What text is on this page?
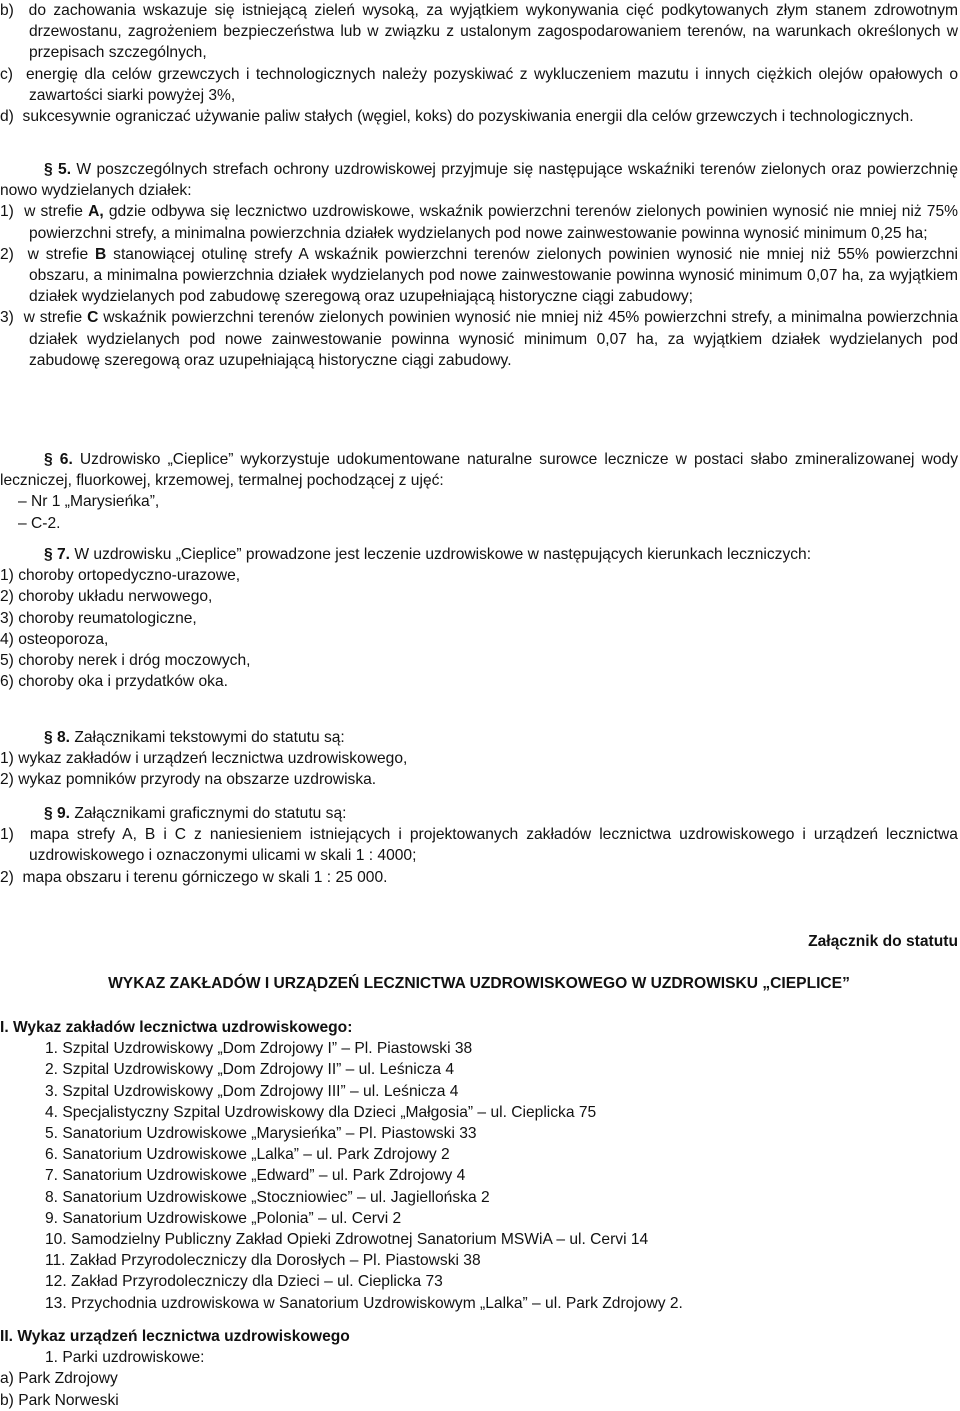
b) do zachowania wskazuje się istniejącą zieleń wysoką, za wyjątkiem wykonywania cięć podkytowanych złym stanem zdrowotnym drzewostanu, zagrożeniem bezpieczeństwa lub w związku z ustalonym zagospodarowaniem terenów, na warunkach określonych w przepisach szczególnych,

c) energię dla celów grzewczych i technologicznych należy pozyskiwać z wykluczeniem mazutu i innych ciężkich olejów opałowych o zawartości siarki powyżej 3%,

d) sukcesywnie ograniczać używanie paliw stałych (węgiel, koks) do pozyskiwania energii dla celów grzewczych i technologicznych.

§ 5. W poszczególnych strefach ochrony uzdrowiskowej przyjmuje się następujące wskaźniki terenów zielonych oraz powierzchnię nowo wydzielanych działek:

1) w strefie A, gdzie odbywa się lecznictwo uzdrowiskowe, wskaźnik powierzchni terenów zielonych powinien wynosić nie mniej niż 75% powierzchni strefy, a minimalna powierzchnia działek wydzielanych pod nowe zainwestowanie powinna wynosić minimum 0,25 ha;

2) w strefie B stanowiącej otulinę strefy A wskaźnik powierzchni terenów zielonych powinien wynosić nie mniej niż 55% powierzchni obszaru, a minimalna powierzchnia działek wydzielanych pod nowe zainwestowanie powinna wynosić minimum 0,07 ha, za wyjątkiem działek wydzielanych pod zabudowę szeregową oraz uzupełniającą historyczne ciągi zabudowy;

3) w strefie C wskaźnik powierzchni terenów zielonych powinien wynosić nie mniej niż 45% powierzchni strefy, a minimalna powierzchnia działek wydzielanych pod nowe zainwestowanie powinna wynosić minimum 0,07 ha, za wyjątkiem działek wydzielanych pod zabudowę szeregową oraz uzupełniającą historyczne ciągi zabudowy.

§ 6. Uzdrowisko „Cieplice” wykorzystuje udokumentowane naturalne surowce lecznicze w postaci słabo zmineralizowanej wody leczniczej, fluorkowej, krzemowej, termalnej pochodzącej z ujęć:

– Nr 1 „Marysieńka”,

– C-2.

§ 7. W uzdrowisku „Cieplice” prowadzone jest leczenie uzdrowiskowe w następujących kierunkach leczniczych:

1) choroby ortopedyczno-urazowe,

2) choroby układu nerwowego,

3) choroby reumatologiczne,

4) osteoporoza,

5) choroby nerek i dróg moczowych,

6) choroby oka i przydatków oka.

§ 8. Załącznikami tekstowymi do statutu są:

1) wykaz zakładów i urządzeń lecznictwa uzdrowiskowego,

2) wykaz pomników przyrody na obszarze uzdrowiska.

§ 9. Załącznikami graficznymi do statutu są:

1) mapa strefy A, B i C z naniesieniem istniejących i projektowanych zakładów lecznictwa uzdrowiskowego i urządzeń lecznictwa uzdrowiskowego i oznaczonymi ulicami w skali 1 : 4000;

2) mapa obszaru i terenu górniczego w skali 1 : 25 000.

Załącznik do statutu

WYKAZ ZAKŁADÓW I URZĄDZEŃ LECZNICTWA UZDROWISKOWEGO W UZDROWISKU „CIEPLICE”

I. Wykaz zakładów lecznictwa uzdrowiskowego:

1. Szpital Uzdrowiskowy „Dom Zdrojowy I” – Pl. Piastowski 38

2. Szpital Uzdrowiskowy „Dom Zdrojowy II” – ul. Leśnicza 4

3. Szpital Uzdrowiskowy „Dom Zdrojowy III” – ul. Leśnicza 4

4. Specjalistyczny Szpital Uzdrowiskowy dla Dzieci „Małgosia” – ul. Cieplicka 75

5. Sanatorium Uzdrowiskowe „Marysieńka” – Pl. Piastowski 33

6. Sanatorium Uzdrowiskowe „Lalka” – ul. Park Zdrojowy 2

7. Sanatorium Uzdrowiskowe „Edward” – ul. Park Zdrojowy 4

8. Sanatorium Uzdrowiskowe „Stoczniowiec” – ul. Jagiellońska 2

9. Sanatorium Uzdrowiskowe „Polonia” – ul. Cervi 2

10. Samodzielny Publiczny Zakład Opieki Zdrowotnej Sanatorium MSWiA – ul. Cervi 14

11. Zakład Przyrodoleczniczy dla Dorosłych – Pl. Piastowski 38

12. Zakład Przyrodoleczniczy dla Dzieci – ul. Cieplicka 73

13. Przychodnia uzdrowiskowa w Sanatorium Uzdrowiskowym „Lalka” – ul. Park Zdrojowy 2.

II. Wykaz urządzeń lecznictwa uzdrowiskowego

1. Parki uzdrowiskowe:

a) Park Zdrojowy

b) Park Norweski
